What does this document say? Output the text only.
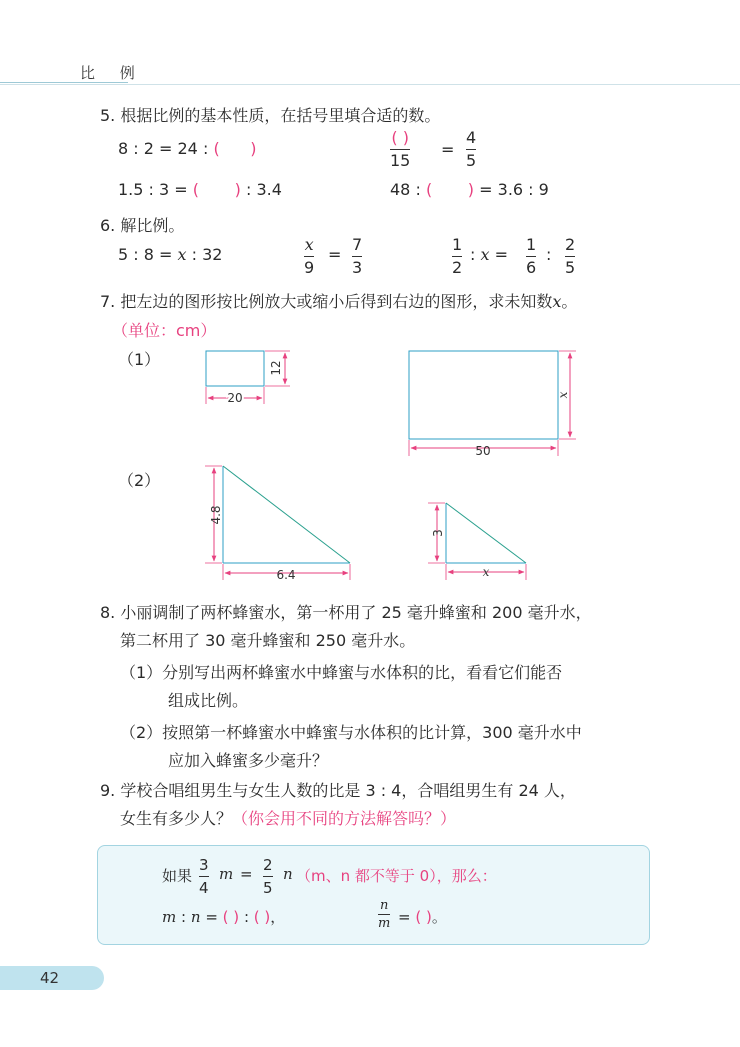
比 例
5. 根据比例的基本性质，在括号里填合适的数。
8 : 2 = 24 : ( )
( )
15
=
4
5
1.5 : 3 = ( ) : 3.4	48 : ( ) = 3.6 : 9
6. 解比例。
5 : 8 = x : 32
x
9
=
7
3
1
2
: x =
1
6
:
2
5
7. 把左边的图形按比例放大或缩小后得到右边的图形，求未知数x。
（单位：cm）
（1）
（2）
20
12
50
x
4.8
6.4
3
x
8. 小丽调制了两杯蜂蜜水，第一杯用了 25 毫升蜂蜜和 200 毫升水，
第二杯用了 30 毫升蜂蜜和 250 毫升水。
（1）分别写出两杯蜂蜜水中蜂蜜与水体积的比，看看它们能否
组成比例。
（2）按照第一杯蜂蜜水中蜂蜜与水体积的比计算，300 毫升水中
应加入蜂蜜多少毫升？
9. 学校合唱组男生与女生人数的比是 3 : 4，合唱组男生有 24 人，
女生有多少人？（你会用不同的方法解答吗？）
如果
3
4
m = 2
5
n （m、n 都不等于 0），那么：
m : n = ( ) : ( )，
n
m = ( )。
42
